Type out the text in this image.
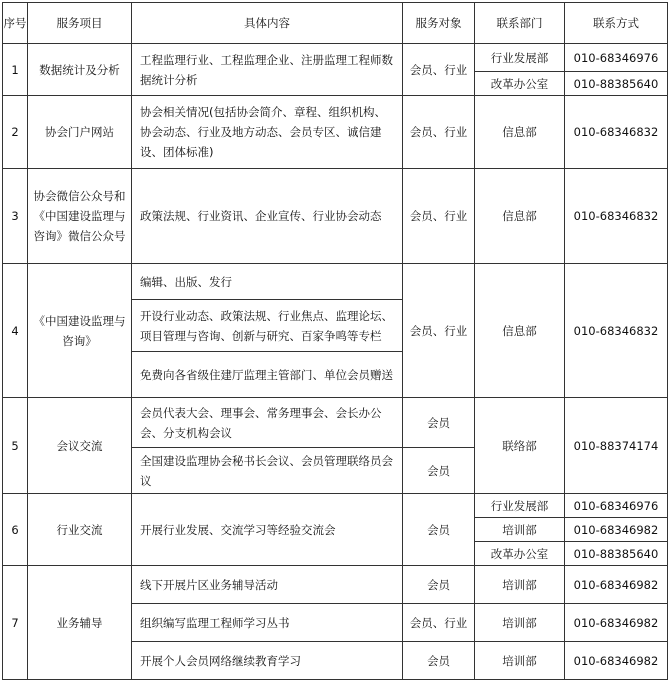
序号	服务项目	具体内容	服务对象	联系部门	联系方式
1	数据统计及分析	工程监理行业、工程监理企业、注册监理工程师数据统计分析	会员、行业	行业发展部	010-68346976
				改革办公室	010-88385640
2	协会门户网站	协会相关情况(包括协会简介、章程、组织机构、协会动态、行业及地方动态、会员专区、诚信建设、团体标准)	会员、行业	信息部	010-68346832
3	协会微信公众号和《中国建设监理与咨询》微信公众号	政策法规、行业资讯、企业宣传、行业协会动态	会员、行业	信息部	010-68346832
4	《中国建设监理与咨询》	编辑、出版、发行	会员、行业	信息部	010-68346832
		开设行业动态、政策法规、行业焦点、监理论坛、项目管理与咨询、创新与研究、百家争鸣等专栏			
		免费向各省级住建厅监理主管部门、单位会员赠送			
5	会议交流	会员代表大会、理事会、常务理事会、会长办公会、分支机构会议	会员	联络部	010-88374174
		全国建设监理协会秘书长会议、会员管理联络员会议	会员		
6	行业交流	开展行业发展、交流学习等经验交流会	会员	行业发展部	010-68346976
				培训部	010-68346982
				改革办公室	010-88385640
7	业务辅导	线下开展片区业务辅导活动	会员	培训部	010-68346982
		组织编写监理工程师学习丛书	会员、行业	培训部	010-68346982
		开展个人会员网络继续教育学习	会员	培训部	010-68346982
